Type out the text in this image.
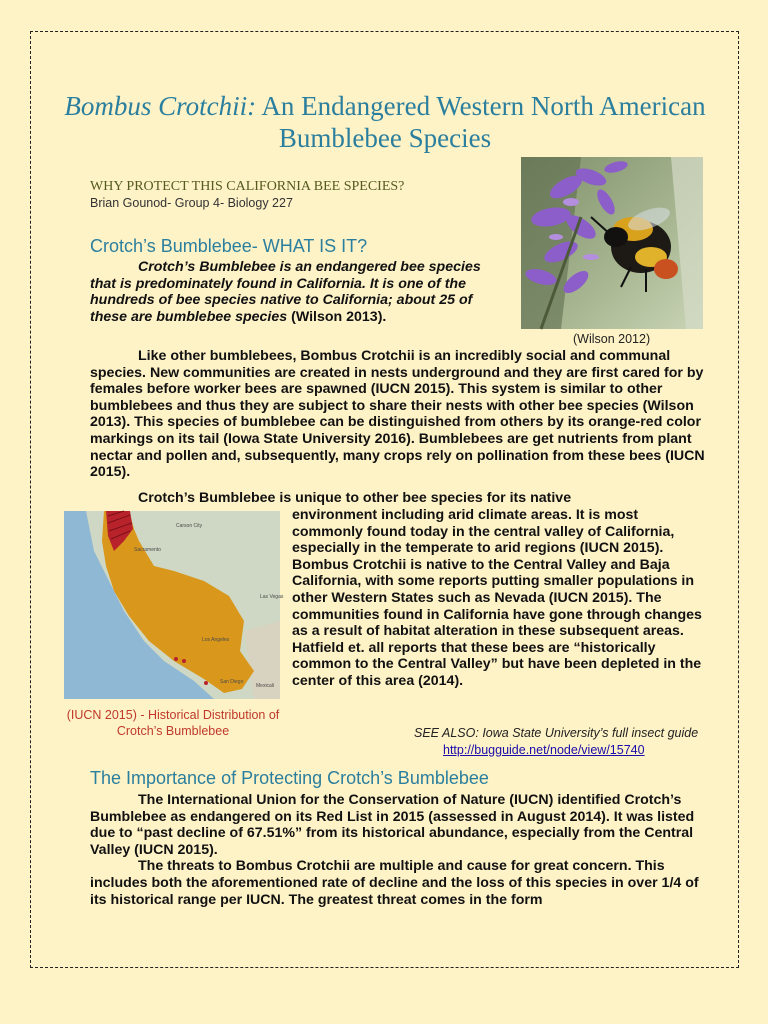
Bombus Crotchii: An Endangered Western North American Bumblebee Species
WHY PROTECT THIS CALIFORNIA BEE SPECIES?
Brian Gounod- Group 4- Biology 227
(Wilson 2012)
Crotch’s Bumblebee- WHAT IS IT?

Crotch’s Bumblebee is an endangered bee species that is predominately found in California. It is one of the hundreds of bee species native to California; about 25 of these are bumblebee species (Wilson 2013).

Like other bumblebees, Bombus Crotchii is an incredibly social and communal species. New communities are created in nests underground and they are first cared for by females before worker bees are spawned (IUCN 2015). This system is similar to other bumblebees and thus they are subject to share their nests with other bee species (Wilson 2013). This species of bumblebee can be distinguished from others by its orange-red color markings on its tail (Iowa State University 2016). Bumblebees are get nutrients from plant nectar and pollen and, subsequently, many crops rely on pollination from these bees (IUCN 2015).

Crotch’s Bumblebee is unique to other bee species for its native

Carson City
Sacramento
Las Vegas
Los Angeles
San Diego
Mexicali
(IUCN 2015) - Historical Distribution of Crotch’s Bumblebee

environment including arid climate areas. It is most commonly found today in the central valley of California, especially in the temperate to arid regions (IUCN 2015). Bombus Crotchii is native to the Central Valley and Baja California, with some reports putting smaller populations in other Western States such as Nevada (IUCN 2015). The communities found in California have gone through changes as a result of habitat alteration in these subsequent areas. Hatfield et. all reports that these bees are “historically common to the Central Valley” but have been depleted in the center of this area (2014).

SEE ALSO: Iowa State University’s full insect guide
http://bugguide.net/node/view/15740
The Importance of Protecting Crotch’s Bumblebee

The International Union for the Conservation of Nature (IUCN) identified Crotch’s Bumblebee as endangered on its Red List in 2015 (assessed in August 2014). It was listed due to “past decline of 67.51%” from its historical abundance, especially from the Central Valley (IUCN 2015).

The threats to Bombus Crotchii are multiple and cause for great concern. This includes both the aforementioned rate of decline and the loss of this species in over 1/4 of its historical range per IUCN. The greatest threat comes in the form
